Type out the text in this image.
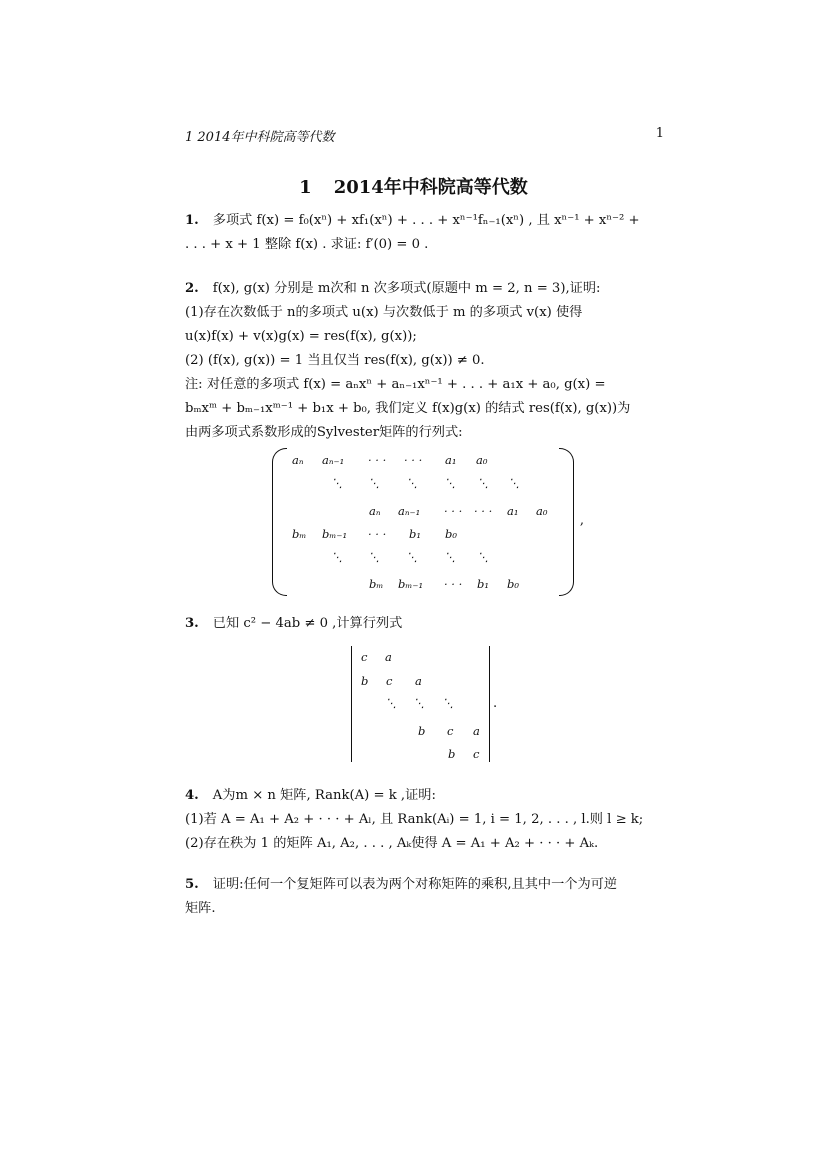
1 2014年中科院高等代数	1
1 2014年中科院高等代数

1. 多项式 f(x) = f₀(xⁿ) + xf₁(xⁿ) + . . . + xⁿ⁻¹fₙ₋₁(xⁿ) , 且 xⁿ⁻¹ + xⁿ⁻² +

. . . + x + 1 整除 f(x) . 求证: f′(0) = 0 .

2. f(x), g(x) 分别是 m次和 n 次多项式(原题中 m = 2, n = 3),证明:

(1)存在次数低于 n的多项式 u(x) 与次数低于 m 的多项式 v(x) 使得

u(x)f(x) + v(x)g(x) = res(f(x), g(x));

(2) (f(x), g(x)) = 1 当且仅当 res(f(x), g(x)) ≠ 0.

注: 对任意的多项式 f(x) = aₙxⁿ + aₙ₋₁xⁿ⁻¹ + . . . + a₁x + a₀, g(x) =

bₘxᵐ + bₘ₋₁xᵐ⁻¹ + b₁x + b₀, 我们定义 f(x)g(x) 的结式 res(f(x), g(x))为

由两多项式系数形成的Sylvester矩阵的行列式:

aₙ aₙ₋₁ · · · · · · a₁ a₀
⋱ ⋱ ⋱ ⋱ ⋱ ⋱
aₙ aₙ₋₁ · · · · · · a₁ a₀
bₘ bₘ₋₁ · · · b₁ b₀
⋱ ⋱ ⋱ ⋱ ⋱
bₘ bₘ₋₁ · · · b₁ b₀
,

3. 已知 c² − 4ab ≠ 0 ,计算行列式

c a
b c a
⋱ ⋱ ⋱
b c a
b c
.

4. A为m × n 矩阵, Rank(A) = k ,证明:

(1)若 A = A₁ + A₂ + · · · + Aₗ, 且 Rank(Aᵢ) = 1, i = 1, 2, . . . , l.则 l ≥ k;

(2)存在秩为 1 的矩阵 A₁, A₂, . . . , Aₖ使得 A = A₁ + A₂ + · · · + Aₖ.

5. 证明:任何一个复矩阵可以表为两个对称矩阵的乘积,且其中一个为可逆

矩阵.
